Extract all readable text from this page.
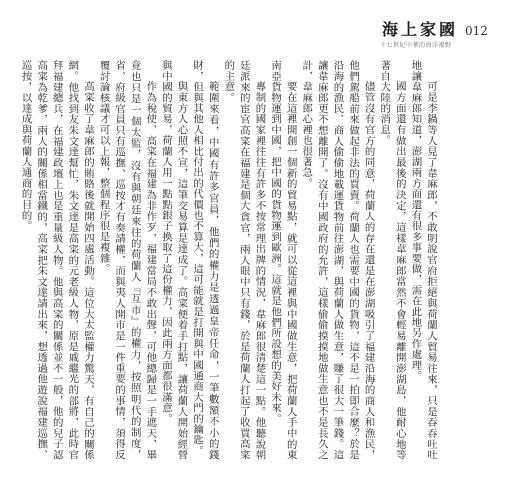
海上家國 012
十七世紀中華的海洋視野

可是李鍋等人見了韋麻郎，不敢明說官府拒絕與荷蘭人貿易往來，只是吞吞吐吐地讓韋麻郎知道，澎湖兩方面還有很多事要做，需在此地另作處理。

國方面還有做出最後的決定，這樣韋麻郎當然不會輕易離開澎湖島，他耐心地等著自大陸的消息。

儘管沒有官方的同意，荷蘭人的存在還是在澎湖吸引了福建沿海的商人和漁民，他們駕船前來做起非法的買賣。荷蘭人也需要中國的貨物，這不是一拍即合麼？於是沿海的漁民、商人偷偷地載運貨物前往澎湖，與荷蘭人做生意，賺了很大一筆錢。這讓韋麻郎更不想離開了。沒有中國政府的允許，這樣偷偷摸摸地做生意也不是長久之計，韋麻郎心裡也很著急。

要在這裡開創一個新的貿易點，就可以從這裡與中國做生意，把荷蘭人手中的東南亞貨物運到中國，把中國的貨物運到歐洲。這就是他們所設想的美好未來。

專制的國家裡往往有許多不按常理出牌的情況，韋麻郎很清楚這一點。他聽說朝廷派來的宦官高寀在福建是個大貪官，兩人眼中只有錢，於是荷蘭人打起了收買高寀的主意。

範圍來看，中國有許多官員，他們的權力是透過皇帝任命，一筆數額不小的錢財，但與其他人相比付出的代價也不算大，這可能就是打開與中國通商大門的鑰匙。

與東方人心照不宣，這筆交易算是達成了。高寀便着手打點，讓荷蘭人開始經營與中國的貿易，荷蘭人用一點點銀子換取了這份權力，因此兩方面都很滿意。

作為稅使，高寀在福建為非作歹，福建當局不敢出聲，可他總歸是一手遮天，畢竟也只是一個太監，沒有與朝廷來往的荷蘭人『互市』的權力，按照明代的制度，省、府級官員只有巡撫、巡按才有奏請權，而與夷人開市是一件重要的事情，須得反覆討論核議才可以上報，整個程序很是複雜。

高寀收了韋麻郎的賄賂後就開始四處活動。這位大太監權力驚天，有自己的關係網。他找到友朱文達幫忙，朱文達是高寀的元老級人物，原是戚繼光的部將，此時官拜福建總兵，在福建政壇上也是重量級人物。他與高寀的關係並不一般，他的兒子認高寀為乾爹，兩人的關係相當鐵的，高寀把朱文達請出來，想透過他遊說福建巡撫、巡按，以達成與荷蘭人通商的目的。
